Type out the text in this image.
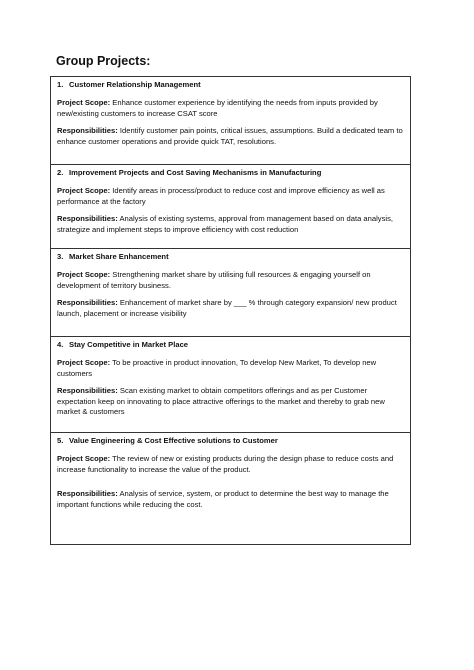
Group Projects:
1. Customer Relationship Management

Project Scope: Enhance customer experience by identifying the needs from inputs provided by new/existing customers to increase CSAT score

Responsibilities: Identify customer pain points, critical issues, assumptions. Build a dedicated team to enhance customer operations and provide quick TAT, resolutions.

2. Improvement Projects and Cost Saving Mechanisms in Manufacturing

Project Scope: Identify areas in process/product to reduce cost and improve efficiency as well as performance at the factory

Responsibilities: Analysis of existing systems, approval from management based on data analysis, strategize and implement steps to improve efficiency with cost reduction

3. Market Share Enhancement

Project Scope: Strengthening market share by utilising full resources & engaging yourself on development of territory business.

Responsibilities: Enhancement of market share by ___ % through category expansion/ new product launch, placement or increase visibility

4. Stay Competitive in Market Place

Project Scope: To be proactive in product innovation, To develop New Market, To develop new customers

Responsibilities: Scan existing market to obtain competitors offerings and as per Customer expectation keep on innovating to place attractive offerings to the market and thereby to grab new market & customers

5. Value Engineering & Cost Effective solutions to Customer

Project Scope: The review of new or existing products during the design phase to reduce costs and increase functionality to increase the value of the product.

Responsibilities: Analysis of service, system, or product to determine the best way to manage the important functions while reducing the cost.
